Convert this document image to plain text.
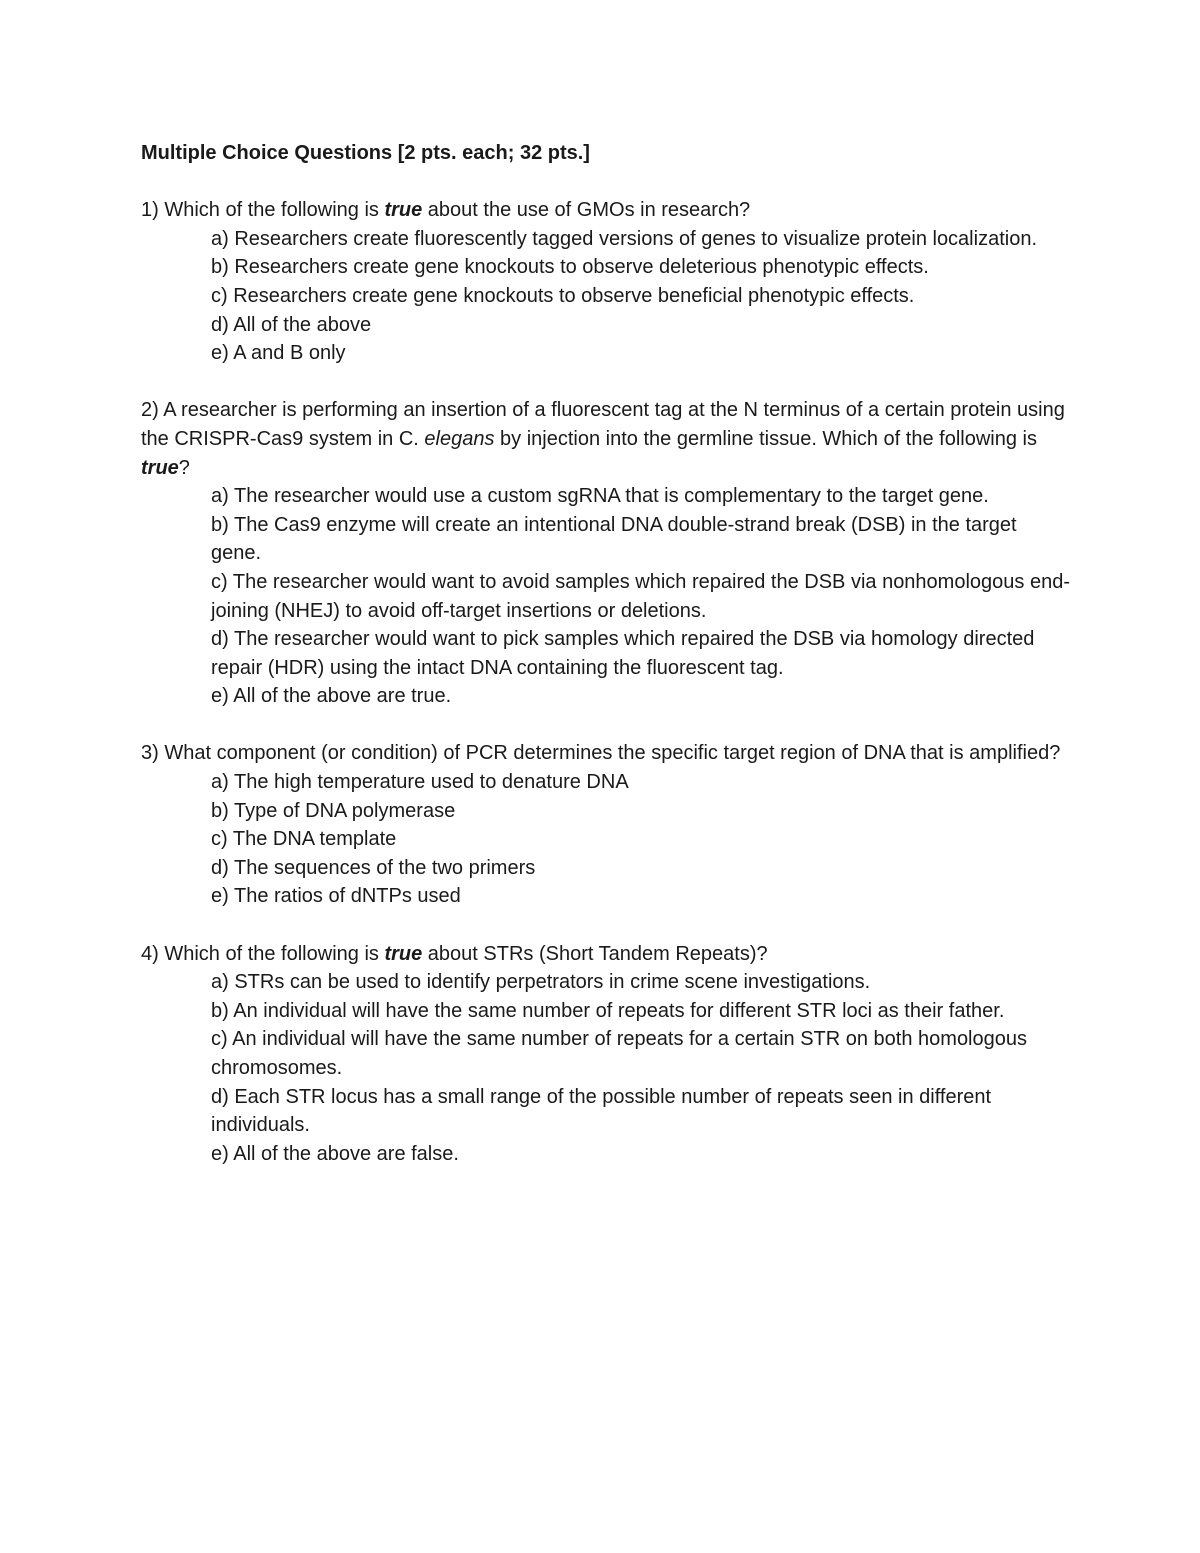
Multiple Choice Questions [2 pts. each; 32 pts.]

1) Which of the following is true about the use of GMOs in research?

a) Researchers create fluorescently tagged versions of genes to visualize protein localization.
b) Researchers create gene knockouts to observe deleterious phenotypic effects.
c) Researchers create gene knockouts to observe beneficial phenotypic effects.
d) All of the above
e) A and B only

2) A researcher is performing an insertion of a fluorescent tag at the N terminus of a certain protein using the CRISPR-Cas9 system in C. elegans by injection into the germline tissue. Which of the following is true?

a) The researcher would use a custom sgRNA that is complementary to the target gene.
b) The Cas9 enzyme will create an intentional DNA double-strand break (DSB) in the target gene.
c) The researcher would want to avoid samples which repaired the DSB via nonhomologous end-joining (NHEJ) to avoid off-target insertions or deletions.
d) The researcher would want to pick samples which repaired the DSB via homology directed repair (HDR) using the intact DNA containing the fluorescent tag.
e) All of the above are true.

3) What component (or condition) of PCR determines the specific target region of DNA that is amplified?

a) The high temperature used to denature DNA
b) Type of DNA polymerase
c) The DNA template
d) The sequences of the two primers
e) The ratios of dNTPs used

4) Which of the following is true about STRs (Short Tandem Repeats)?

a) STRs can be used to identify perpetrators in crime scene investigations.
b) An individual will have the same number of repeats for different STR loci as their father.
c) An individual will have the same number of repeats for a certain STR on both homologous chromosomes.
d) Each STR locus has a small range of the possible number of repeats seen in different individuals.
e) All of the above are false.
